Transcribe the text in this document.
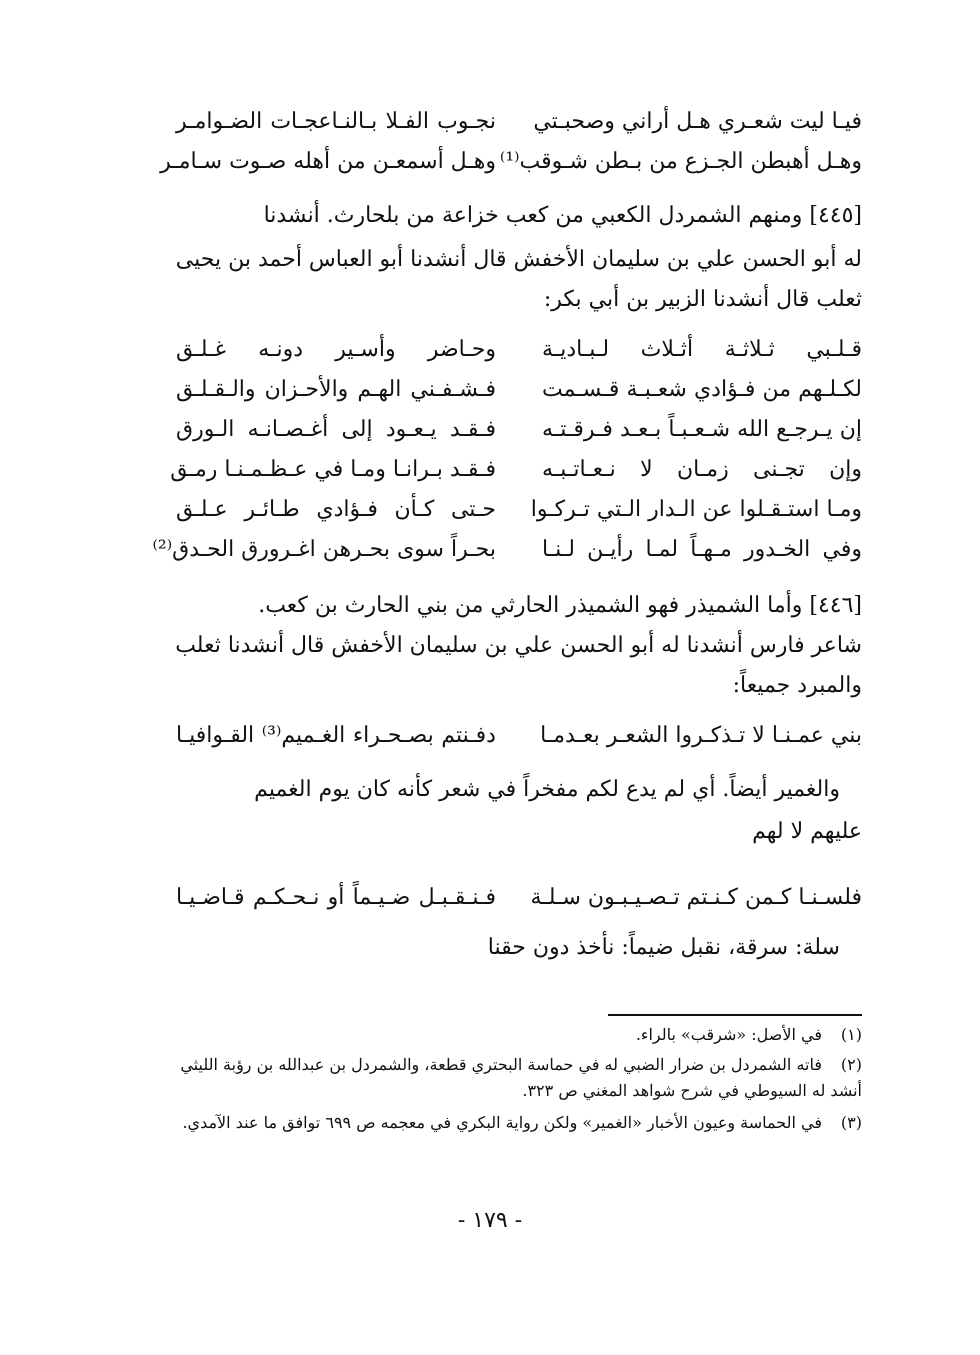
فيـا ليت شعـري هـل أراني وصحبـتي
نجـوب الفـلا بـالنـاعجـات الضـوامـر
وهـل أهبطن الجـزع من بـطن شـوقب⁽¹⁾
وهـل أسمعـن من أهله صـوت سـامـر
[٤٤٥] ومنهم الشمردل الكعبي من كعب خزاعة من بلحارث. أنشدنا
له أبو الحسن علي بن سليمان الأخفش قال أنشدنا أبو العباس أحمد بن يحيى
ثعلب قال أنشدنا الزبير بن أبي بكر:
قـلـبي ثـلاثـة أثـلاث لـبـاديـة
وحـاضر وأسـير دونـه غـلـق
لكـلـهم من فـؤادي شعـبـة قـسـمت
فـشـفـني الهـم والأحـزان والـقـلـق
إن يـرجـع الله شـعـبـاً بـعـد فـرقـتـه
فـقـد يـعـود إلى أغـصـانـه الـورق
وإن تجـنى زمـان لا نـعـاتـبـه
فـقـد بـرانـا ومـا في عـظـمـنـا رمـق
ومـا استـقـلوا عن الـدار الـتي تـركـوا
حـتى كـأن فـؤادي طـائـر عـلـق
وفي الخـدور مـهـاً لمـا رأيـن لـنـا
بحـراً سوى بحـرهن اغـرورق الحـدق⁽²⁾
[٤٤٦] وأما الشميذر فهو الشميذر الحارثي من بني الحارث بن كعب.
شاعر فارس أنشدنا له أبو الحسن علي بن سليمان الأخفش قال أنشدنا ثعلب
والمبرد جميعاً:
بني عمـنـا لا تـذكـروا الشعـر بعـدمـا
دفـنتم بصـحـراء الغـميم⁽³⁾ القـوافيـا
والغمير أيضاً. أي لم يدع لكم مفخراً في شعر كأنه كان يوم الغميم
عليهم لا لهم
فلسـنـا كـمن كـنـتم تـصـيـبـون سـلـة
فـنـقـبـل ضـيـماً أو نـحـكـم قـاضـيـا
سلة: سرقة، نقبل ضيماً: نأخذ دون حقنا
(١)في الأصل: «شرقب» بالراء.
(٢)فاته الشمردل بن ضرار الضبي له في حماسة البحتري قطعة، والشمردل بن عبدالله بن رؤبة الليثي أنشد له السيوطي في شرح شواهد المغني ص ٣٢٣.
(٣)في الحماسة وعيون الأخبار «الغمير» ولكن رواية البكري في معجمه ص ٦٩٩ توافق ما عند الآمدي.
- ١٧٩ -
